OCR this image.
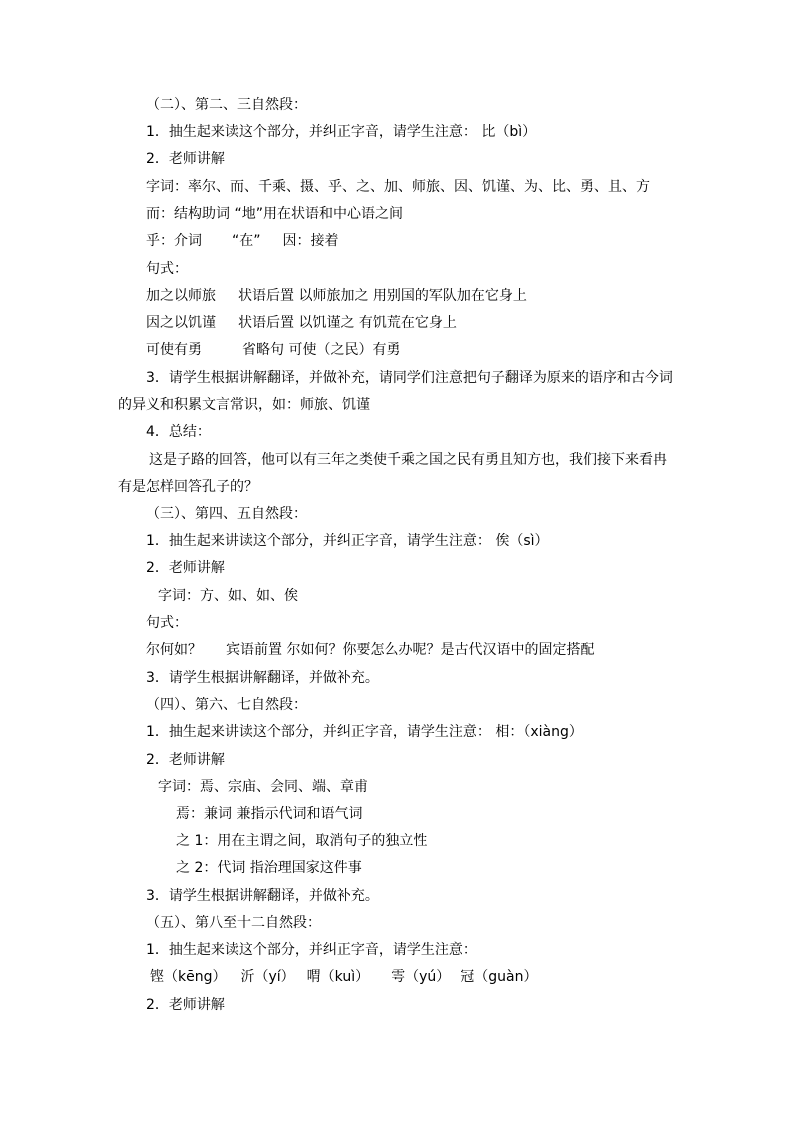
（二）、第二、三自然段：
1．抽生起来读这个部分，并纠正字音，请学生注意： 比（bì）
2．老师讲解
字词：率尔、而、千乘、摄、乎、之、加、师旅、因、饥谨、为、比、勇、且、方
而：结构助词 “地”用在状语和中心语之间
乎：介词 “在” 因：接着
句式：
加之以师旅 状语后置 以师旅加之 用别国的军队加在它身上
因之以饥谨 状语后置 以饥谨之 有饥荒在它身上
可使有勇	省略句 可使（之民）有勇
3．请学生根据讲解翻译，并做补充，请同学们注意把句子翻译为原来的语序和古今词
的异义和积累文言常识，如：师旅、饥谨
4．总结：
这是子路的回答，他可以有三年之类使千乘之国之民有勇且知方也，我们接下来看冉
有是怎样回答孔子的？
（三）、第四、五自然段：
1．抽生起来讲读这个部分，并纠正字音，请学生注意： 俟（sì）
2．老师讲解
字词：方、如、如、俟
句式：
尔何如？ 宾语前置 尔如何？你要怎么办呢？是古代汉语中的固定搭配
3．请学生根据讲解翻译，并做补充。
（四）、第六、七自然段：
1．抽生起来讲读这个部分，并纠正字音，请学生注意： 相：（xiàng）
2．老师讲解
字词：焉、宗庙、会同、端、章甫
焉：兼词 兼指示代词和语气词
之 1：用在主谓之间，取消句子的独立性
之 2：代词 指治理国家这件事
3．请学生根据讲解翻译，并做补充。
（五）、第八至十二自然段：
1．抽生起来读这个部分，并纠正字音，请学生注意：
铿（kēng） 沂（yí） 喟（kuì） 雩（yú） 冠（guàn）
2．老师讲解
